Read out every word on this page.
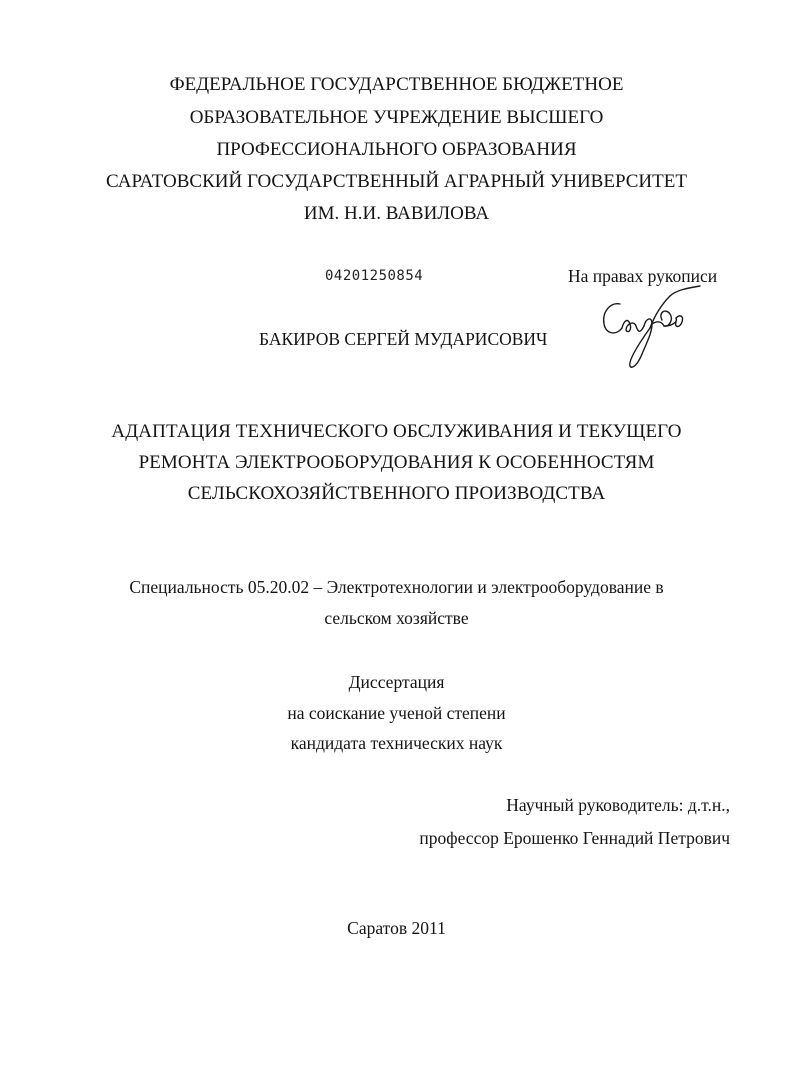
ФЕДЕРАЛЬНОЕ ГОСУДАРСТВЕННОЕ БЮДЖЕТНОЕ
ОБРАЗОВАТЕЛЬНОЕ УЧРЕЖДЕНИЕ ВЫСШЕГО
ПРОФЕССИОНАЛЬНОГО ОБРАЗОВАНИЯ
САРАТОВСКИЙ ГОСУДАРСТВЕННЫЙ АГРАРНЫЙ УНИВЕРСИТЕТ
ИМ. Н.И. ВАВИЛОВА
04201250854	На правах рукописи
БАКИРОВ СЕРГЕЙ МУДАРИСОВИЧ
АДАПТАЦИЯ ТЕХНИЧЕСКОГО ОБСЛУЖИВАНИЯ И ТЕКУЩЕГО
РЕМОНТА ЭЛЕКТРООБОРУДОВАНИЯ К ОСОБЕННОСТЯМ
СЕЛЬСКОХОЗЯЙСТВЕННОГО ПРОИЗВОДСТВА
Специальность 05.20.02 – Электротехнологии и электрооборудование в
сельском хозяйстве
Диссертация
на соискание ученой степени
кандидата технических наук
Научный руководитель: д.т.н.,
профессор Ерошенко Геннадий Петрович
Саратов 2011
